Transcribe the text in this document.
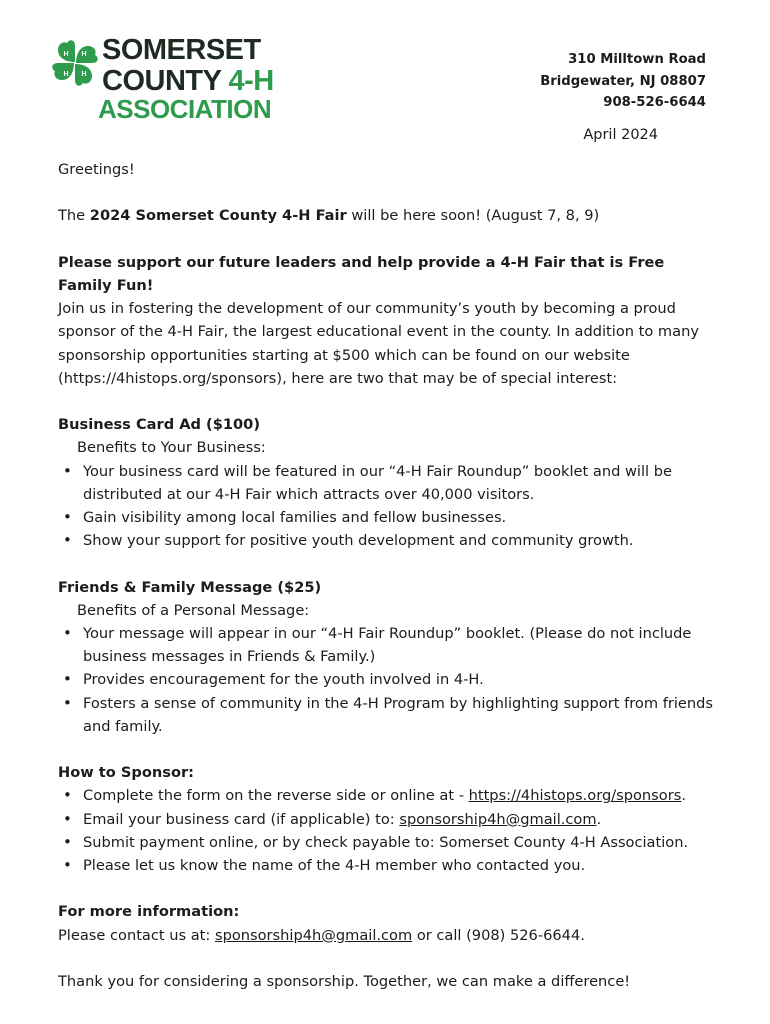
H H
H H
SOMERSET
COUNTY 4-H
ASSOCIATION
310 Milltown Road
Bridgewater, NJ 08807
908-526-6644
April 2024

Greetings!

The 2024 Somerset County 4-H Fair will be here soon! (August 7, 8, 9)

Please support our future leaders and help provide a 4-H Fair that is Free Family Fun!

Join us in fostering the development of our community’s youth by becoming a proud sponsor of the 4-H Fair, the largest educational event in the county. In addition to many sponsorship opportunities starting at $500 which can be found on our website (https://4histops.org/sponsors), here are two that may be of special interest:

Business Card Ad ($100)

Benefits to Your Business:

• Your business card will be featured in our “4-H Fair Roundup” booklet and will be distributed at our 4-H Fair which attracts over 40,000 visitors.
• Gain visibility among local families and fellow businesses.
• Show your support for positive youth development and community growth.

Friends & Family Message ($25)

Benefits of a Personal Message:

• Your message will appear in our “4-H Fair Roundup” booklet. (Please do not include business messages in Friends & Family.)
• Provides encouragement for the youth involved in 4-H.
• Fosters a sense of community in the 4-H Program by highlighting support from friends and family.

How to Sponsor:

• Complete the form on the reverse side or online at - https://4histops.org/sponsors.
• Email your business card (if applicable) to: sponsorship4h@gmail.com.
• Submit payment online, or by check payable to: Somerset County 4-H Association.
• Please let us know the name of the 4-H member who contacted you.

For more information:

Please contact us at: sponsorship4h@gmail.com or call (908) 526-6644.

Thank you for considering a sponsorship. Together, we can make a difference!
